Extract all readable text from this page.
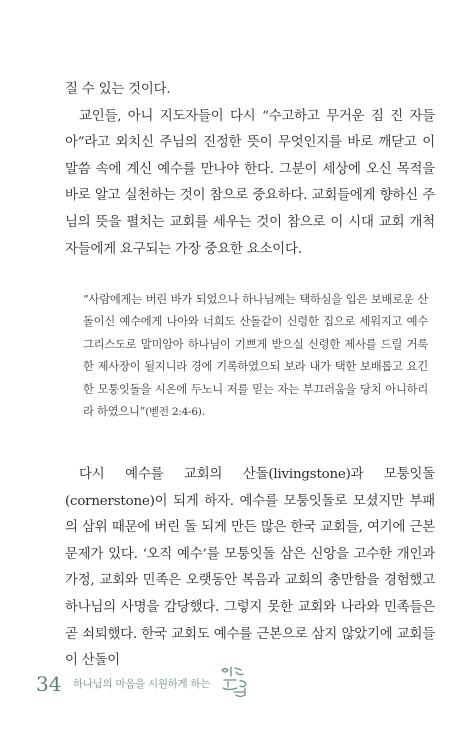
질 수 있는 것이다.

교인들, 아니 지도자들이 다시 “수고하고 무거운 짐 진 자들아”라고 외치신 주님의 진정한 뜻이 무엇인지를 바로 깨닫고 이 말씀 속에 계신 예수를 만나야 한다. 그분이 세상에 오신 목적을 바로 알고 실천하는 것이 참으로 중요하다. 교회들에게 향하신 주님의 뜻을 펼치는 교회를 세우는 것이 참으로 이 시대 교회 개척자들에게 요구되는 가장 중요한 요소이다.

“사람에게는 버린 바가 되었으나 하나님께는 택하심을 입은 보배로운 산돌이신 예수에게 나아와 너희도 산돌같이 신령한 집으로 세워지고 예수 그리스도로 말미암아 하나님이 기쁘게 받으실 신령한 제사를 드릴 거룩한 제사장이 될지니라 경에 기록하였으되 보라 내가 택한 보배롭고 요긴한 모퉁잇돌을 시온에 두노니 저를 믿는 자는 부끄러움을 당치 아니하리라 하였으니”(벧전 2:4-6).

다시 예수를 교회의 산돌(livingstone)과 모퉁잇돌(cornerstone)이 되게 하자. 예수를 모퉁잇돌로 모셨지만 부패의 삼위 때문에 버린 돌 되게 만든 많은 한국 교회들, 여기에 근본 문제가 있다. ‘오직 예수’를 모퉁잇돌 삼은 신앙을 고수한 개인과 가정, 교회와 민족은 오랫동안 복음과 교회의 충만함을 경험했고 하나님의 사명을 감당했다. 그렇지 못한 교회와 나라와 민족들은 곧 쇠퇴했다. 한국 교회도 예수를 근본으로 삼지 않았기에 교회들이 산돌이

34 하나님의 마음을 시원하게 하는
